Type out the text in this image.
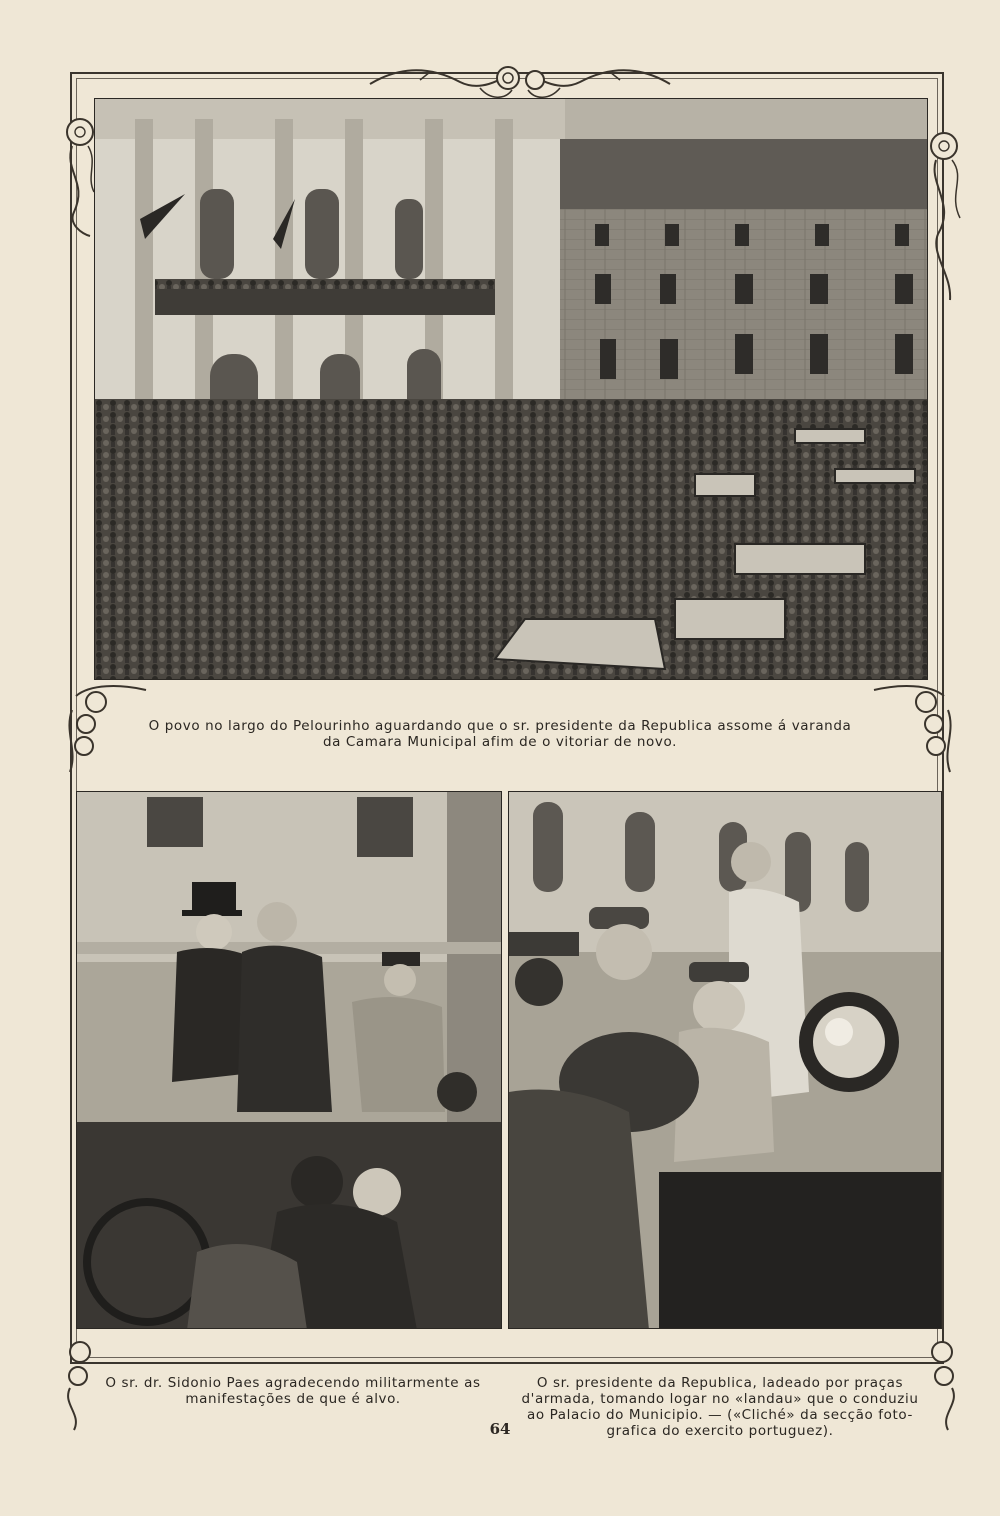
O povo no largo do Pelourinho aguardando que o sr. presidente da Republica assome á varanda
da Camara Municipal afim de o vitoriar de novo.
O sr. dr. Sidonio Paes agradecendo militarmente as
manifestações de que é alvo.
O sr. presidente da Republica, ladeado por praças
d'armada, tomando logar no «landau» que o conduziu
ao Palacio do Municipio. — («Cliché» da secção foto-
grafica do exercito portuguez).
64
